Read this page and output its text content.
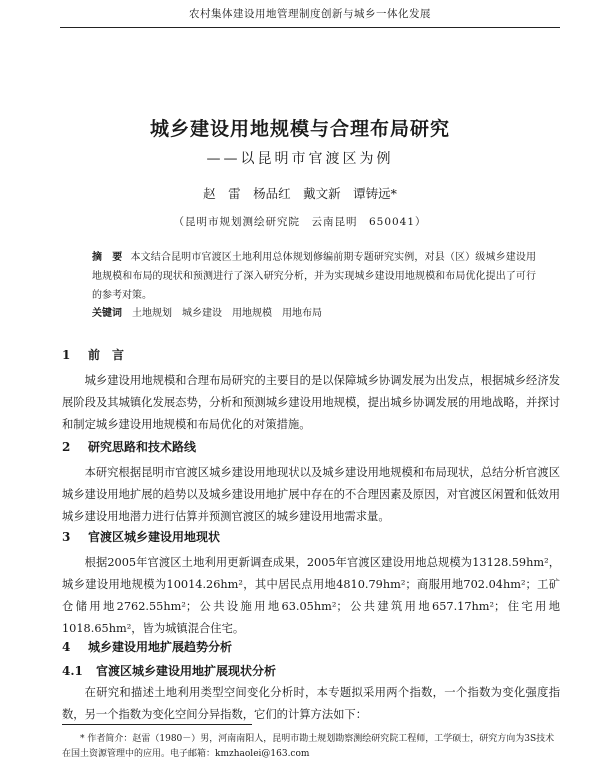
农村集体建设用地管理制度创新与城乡一体化发展
城乡建设用地规模与合理布局研究
——以昆明市官渡区为例
赵　雷　杨品红　戴文新　谭铸远*
（昆明市规划测绘研究院　云南昆明　650041）
摘　要 本文结合昆明市官渡区土地利用总体规划修编前期专题研究实例，对县（区）级城乡建设用地规模和布局的现状和预测进行了深入研究分析，并为实现城乡建设用地规模和布局优化提出了可行的参考对策。
关键词 土地规划　城乡建设　用地规模　用地布局
1 前　言

城乡建设用地规模和合理布局研究的主要目的是以保障城乡协调发展为出发点，根据城乡经济发展阶段及其城镇化发展态势，分析和预测城乡建设用地规模，提出城乡协调发展的用地战略，并探讨和制定城乡建设用地规模和布局优化的对策措施。

2 研究思路和技术路线

本研究根据昆明市官渡区城乡建设用地现状以及城乡建设用地规模和布局现状，总结分析官渡区城乡建设用地扩展的趋势以及城乡建设用地扩展中存在的不合理因素及原因，对官渡区闲置和低效用城乡建设用地潜力进行估算并预测官渡区的城乡建设用地需求量。

3 官渡区城乡建设用地现状

根据2005年官渡区土地利用更新调查成果，2005年官渡区建设用地总规模为13128.59hm²，城乡建设用地规模为10014.26hm²，其中居民点用地4810.79hm²；商服用地702.04hm²；工矿仓储用地2762.55hm²；公共设施用地63.05hm²；公共建筑用地657.17hm²；住宅用地1018.65hm²，皆为城镇混合住宅。

4 城乡建设用地扩展趋势分析
4.1 官渡区城乡建设用地扩展现状分析

在研究和描述土地利用类型空间变化分析时，本专题拟采用两个指数，一个指数为变化强度指数，另一个指数为变化空间分异指数，它们的计算方法如下：

* 作者简介：赵雷（1980－）男，河南南阳人，昆明市勘土规划勘察测绘研究院工程师，工学硕士，研究方向为3S技术在国土资源管理中的应用。电子邮箱：kmzhaolei@163.com
